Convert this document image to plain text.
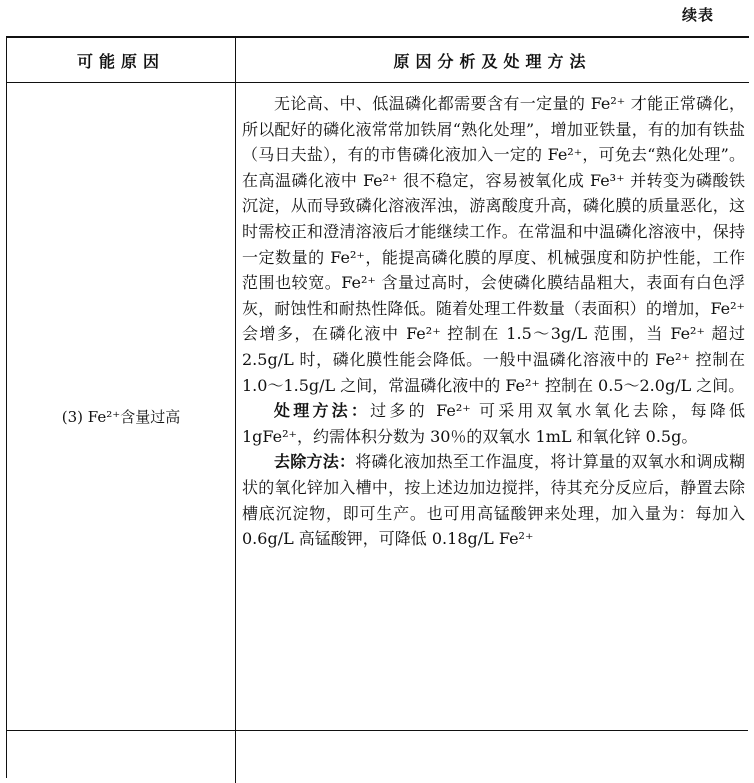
续表
可能原因	原因分析及处理方法
(3) Fe²⁺含量过高

无论高、中、低温磷化都需要含有一定量的 Fe²⁺ 才能正常磷化，所以配好的磷化液常常加铁屑“熟化处理”，增加亚铁量，有的加有铁盐（马日夫盐），有的市售磷化液加入一定的 Fe²⁺，可免去“熟化处理”。在高温磷化液中 Fe²⁺ 很不稳定，容易被氧化成 Fe³⁺ 并转变为磷酸铁沉淀，从而导致磷化溶液浑浊，游离酸度升高，磷化膜的质量恶化，这时需校正和澄清溶液后才能继续工作。在常温和中温磷化溶液中，保持一定数量的 Fe²⁺，能提高磷化膜的厚度、机械强度和防护性能，工作范围也较宽。Fe²⁺ 含量过高时，会使磷化膜结晶粗大，表面有白色浮灰，耐蚀性和耐热性降低。随着处理工件数量（表面积）的增加，Fe²⁺ 会增多，在磷化液中 Fe²⁺ 控制在 1.5～3g/L 范围，当 Fe²⁺ 超过 2.5g/L 时，磷化膜性能会降低。一般中温磷化溶液中的 Fe²⁺ 控制在 1.0～1.5g/L 之间，常温磷化液中的 Fe²⁺ 控制在 0.5～2.0g/L 之间。

处理方法：过多的 Fe²⁺ 可采用双氧水氧化去除，每降低 1gFe²⁺，约需体积分数为 30％的双氧水 1mL 和氧化锌 0.5g。

去除方法：将磷化液加热至工作温度，将计算量的双氧水和调成糊状的氧化锌加入槽中，按上述边加边搅拌，待其充分反应后，静置去除槽底沉淀物，即可生产。也可用高锰酸钾来处理，加入量为：每加入 0.6g/L 高锰酸钾，可降低 0.18g/L Fe²⁺
